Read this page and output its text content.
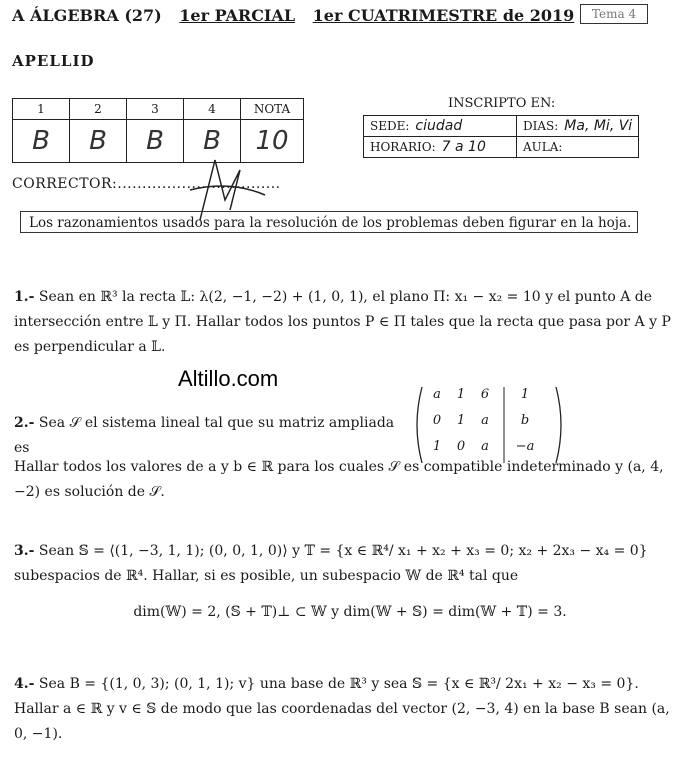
A ÁLGEBRA (27) 1er PARCIAL 1er CUATRIMESTRE de 2019	Tema 4
APELLID
1	2	3	4	NOTA
B	B	B	B	10
INSCRIPTO EN:
SEDE: ciudad	DIAS: Ma, Mi, Vi
HORARIO: 7 a 10	AULA:
CORRECTOR:.................................
Los razonamientos usados para la resolución de los problemas deben figurar en la hoja.
1.- Sean en ℝ³ la recta 𝕃: λ(2, −1, −2) + (1, 0, 1), el plano Π: x₁ − x₂ = 10 y el punto A de intersección entre 𝕃 y Π. Hallar todos los puntos P ∈ Π tales que la recta que pasa por A y P es perpendicular a 𝕃.
Altillo.com
2.- Sea 𝒮 el sistema lineal tal que su matriz ampliada es
a	1	6	1
0	1	a	b
1	0	a	−a
Hallar todos los valores de a y b ∈ ℝ para los cuales 𝒮 es compatible indeterminado y (a, 4, −2) es solución de 𝒮.
3.- Sean 𝕊 = ⟨(1, −3, 1, 1); (0, 0, 1, 0)⟩ y 𝕋 = {x ∈ ℝ⁴/ x₁ + x₂ + x₃ = 0; x₂ + 2x₃ − x₄ = 0} subespacios de ℝ⁴. Hallar, si es posible, un subespacio 𝕎 de ℝ⁴ tal que
dim(𝕎) = 2, (𝕊 + 𝕋)⊥ ⊂ 𝕎 y dim(𝕎 + 𝕊) = dim(𝕎 + 𝕋) = 3.
4.- Sea B = {(1, 0, 3); (0, 1, 1); v} una base de ℝ³ y sea 𝕊 = {x ∈ ℝ³/ 2x₁ + x₂ − x₃ = 0}. Hallar a ∈ ℝ y v ∈ 𝕊 de modo que las coordenadas del vector (2, −3, 4) en la base B sean (a, 0, −1).
